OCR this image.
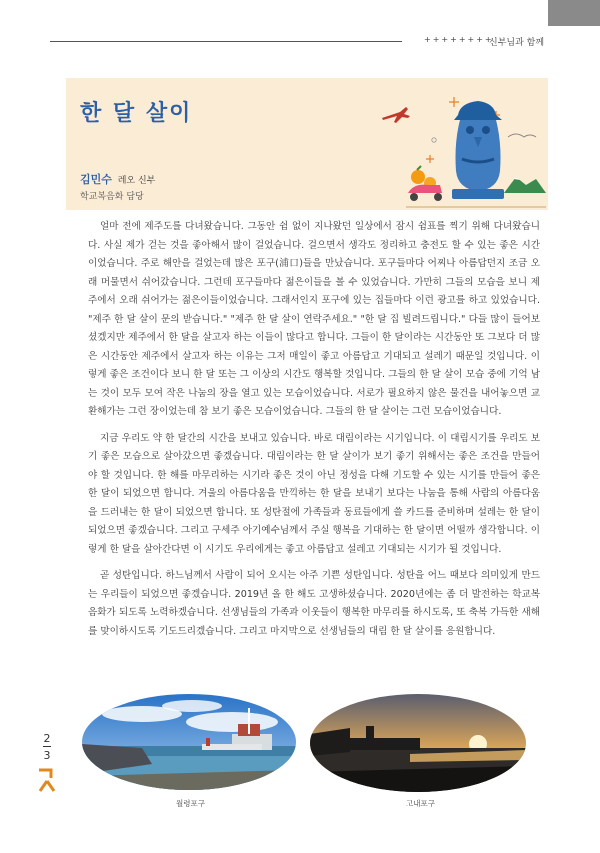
++++++++
신부님과 함께
한 달 살이
김민수 레오 신부
학교복음화 담당

얼마 전에 제주도를 다녀왔습니다. 그동안 쉼 없이 지나왔던 일상에서 잠시 쉼표를 찍기 위해 다녀왔습니다. 사실 제가 걷는 것을 좋아해서 많이 걸었습니다. 걸으면서 생각도 정리하고 충전도 할 수 있는 좋은 시간이었습니다. 주로 해안을 걸었는데 많은 포구(浦口)들을 만났습니다. 포구들마다 어찌나 아름답던지 조금 오래 머물면서 쉬어갔습니다. 그런데 포구들마다 젊은이들을 볼 수 있었습니다. 가만히 그들의 모습을 보니 제주에서 오래 쉬어가는 젊은이들이었습니다. 그래서인지 포구에 있는 집들마다 이런 광고를 하고 있었습니다. "제주 한 달 살이 문의 받습니다." "제주 한 달 살이 연락주세요." "한 달 집 빌려드립니다." 다들 많이 들어보셨겠지만 제주에서 한 달을 살고자 하는 이들이 많다고 합니다. 그들이 한 달이라는 시간동안 또 그보다 더 많은 시간동안 제주에서 살고자 하는 이유는 그저 매일이 좋고 아름답고 기대되고 설레기 때문일 것입니다. 이렇게 좋은 조건이다 보니 한 달 또는 그 이상의 시간도 행복할 것입니다. 그들의 한 달 살이 모습 중에 기억 남는 것이 모두 모여 작은 나눔의 장을 열고 있는 모습이었습니다. 서로가 필요하지 않은 물건을 내어놓으면 교환해가는 그런 장이었는데 참 보기 좋은 모습이었습니다. 그들의 한 달 살이는 그런 모습이었습니다.

지금 우리도 약 한 달간의 시간을 보내고 있습니다. 바로 대림이라는 시기입니다. 이 대림시기를 우리도 보기 좋은 모습으로 살아갔으면 좋겠습니다. 대림이라는 한 달 살이가 보기 좋기 위해서는 좋은 조건을 만들어야 할 것입니다. 한 해를 마무리하는 시기라 좋은 것이 아닌 정성을 다해 기도할 수 있는 시기를 만들어 좋은 한 달이 되었으면 합니다. 겨울의 아름다움을 만끽하는 한 달을 보내기 보다는 나눔을 통해 사람의 아름다움을 드러내는 한 달이 되었으면 합니다. 또 성탄절에 가족들과 동료들에게 쓸 카드를 준비하며 설레는 한 달이 되었으면 좋겠습니다. 그리고 구세주 아기예수님께서 주실 행복을 기대하는 한 달이면 어떨까 생각합니다. 이렇게 한 달을 살아간다면 이 시기도 우리에게는 좋고 아름답고 설레고 기대되는 시기가 될 것입니다.

곧 성탄입니다. 하느님께서 사람이 되어 오시는 아주 기쁜 성탄입니다. 성탄을 어느 때보다 의미있게 만드는 우리들이 되었으면 좋겠습니다. 2019년 올 한 해도 고생하셨습니다. 2020년에는 좀 더 발전하는 학교복음화가 되도록 노력하겠습니다. 선생님들의 가족과 이웃들이 행복한 마무리를 하시도록, 또 축복 가득한 새해를 맞이하시도록 기도드리겠습니다. 그리고 마지막으로 선생님들의 대림 한 달 살이를 응원합니다.

월령포구	고내포구
2
3
